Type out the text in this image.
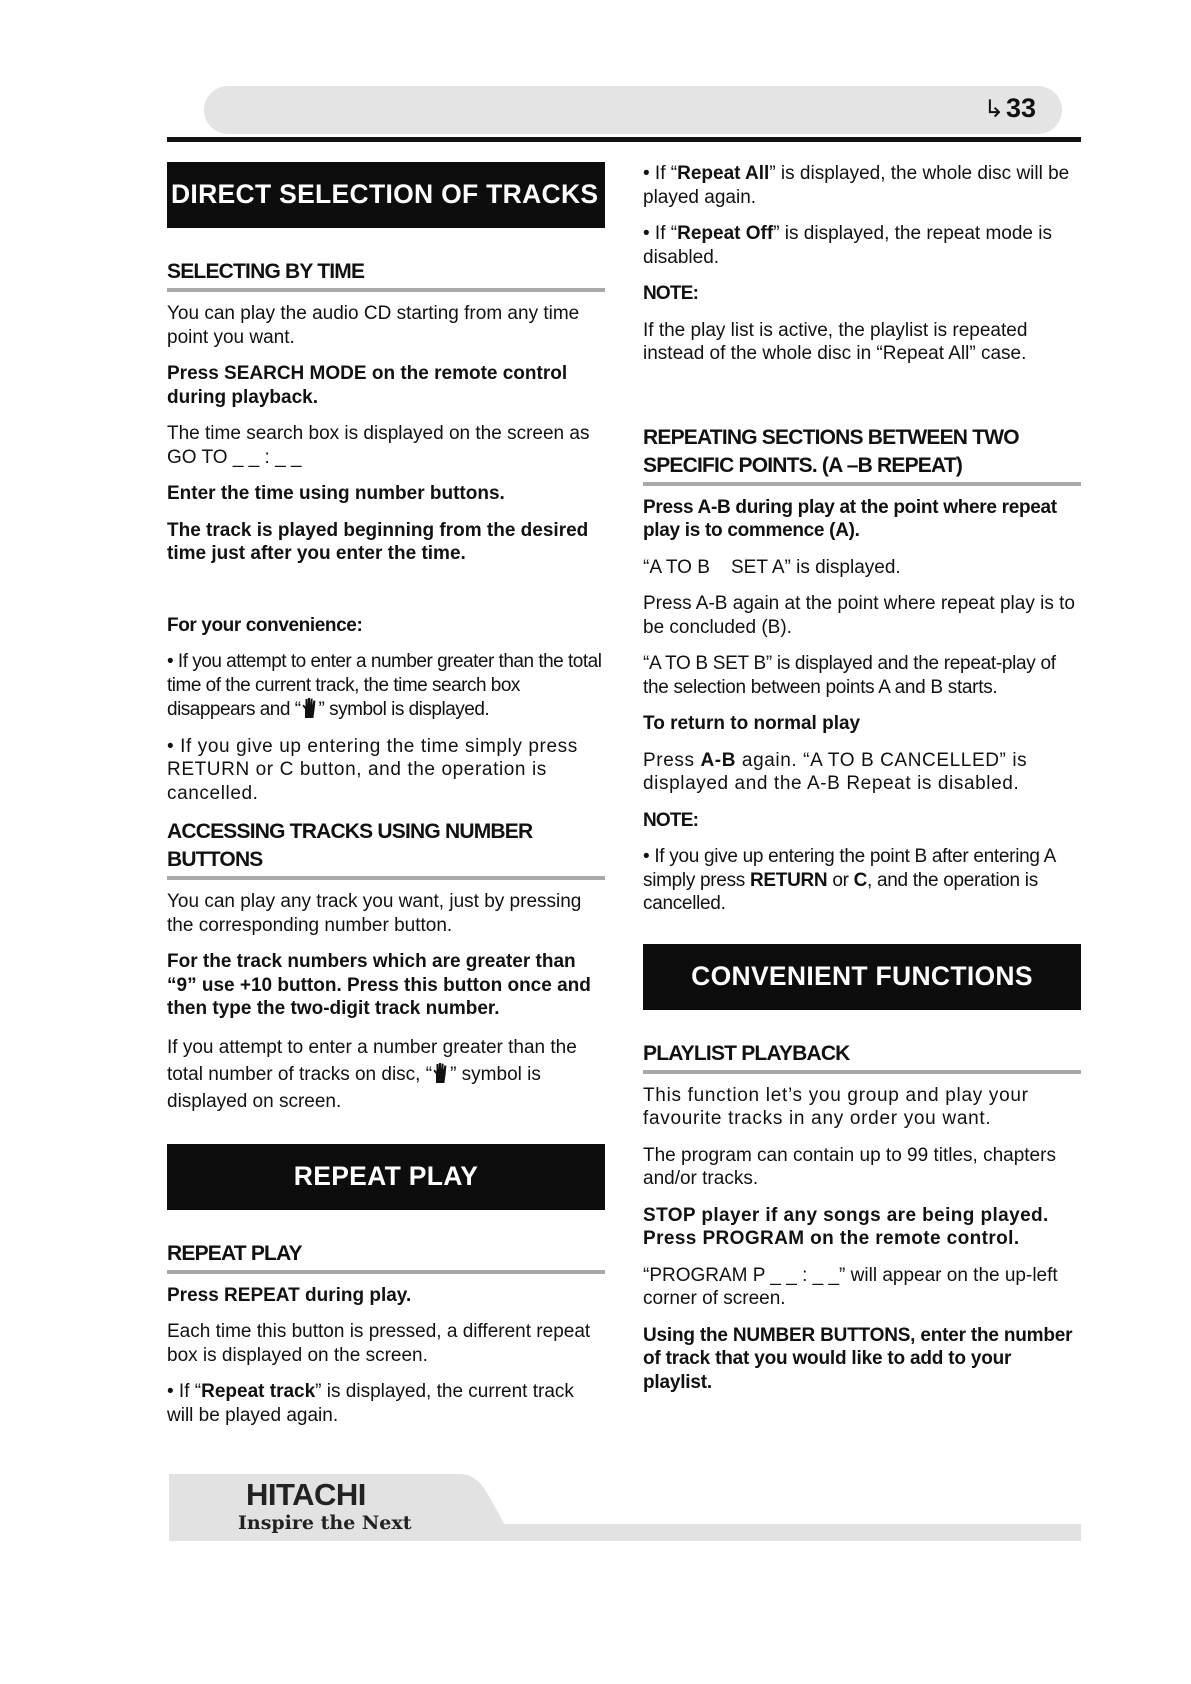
↳33
DIRECT SELECTION OF TRACKS
SELECTING BY TIME

You can play the audio CD starting from any time point you want.

Press SEARCH MODE on the remote control during playback.

The time search box is displayed on the screen as GO TO _ _ : _ _

Enter the time using number buttons.

The track is played beginning from the desired time just after you enter the time.

For your convenience:

• If you attempt to enter a number greater than the total time of the current track, the time search box disappears and “ ” symbol is displayed.

• If you give up entering the time simply press RETURN or C button, and the operation is cancelled.

ACCESSING TRACKS USING NUMBER BUTTONS

You can play any track you want, just by pressing the corresponding number button.

For the track numbers which are greater than “9” use +10 button. Press this button once and then type the two-digit track number.

If you attempt to enter a number greater than the total number of tracks on disc, “ ” symbol is displayed on screen.

REPEAT PLAY
REPEAT PLAY

Press REPEAT during play.

Each time this button is pressed, a different repeat box is displayed on the screen.

• If “Repeat track” is displayed, the current track will be played again.

• If “Repeat All” is displayed, the whole disc will be played again.

• If “Repeat Off” is displayed, the repeat mode is disabled.

NOTE:

If the play list is active, the playlist is repeated instead of the whole disc in “Repeat All” case.

REPEATING SECTIONS BETWEEN TWO SPECIFIC POINTS. (A –B REPEAT)

Press A-B during play at the point where repeat play is to commence (A).

“A TO B    SET A” is displayed.

Press A-B again at the point where repeat play is to be concluded (B).

“A TO B SET B” is displayed and the repeat-play of the selection between points A and B starts.

To return to normal play

Press A-B again. “A TO B CANCELLED” is displayed and the A-B Repeat is disabled.

NOTE:

• If you give up entering the point B after entering A simply press RETURN or C, and the operation is cancelled.

CONVENIENT FUNCTIONS
PLAYLIST PLAYBACK

This function let’s you group and play your favourite tracks in any order you want.

The program can contain up to 99 titles, chapters and/or tracks.

STOP player if any songs are being played. Press PROGRAM on the remote control.

“PROGRAM P _ _ : _ _” will appear on the up-left corner of screen.

Using the NUMBER BUTTONS, enter the number of track that you would like to add to your playlist.

HITACHI
Inspire the Next
